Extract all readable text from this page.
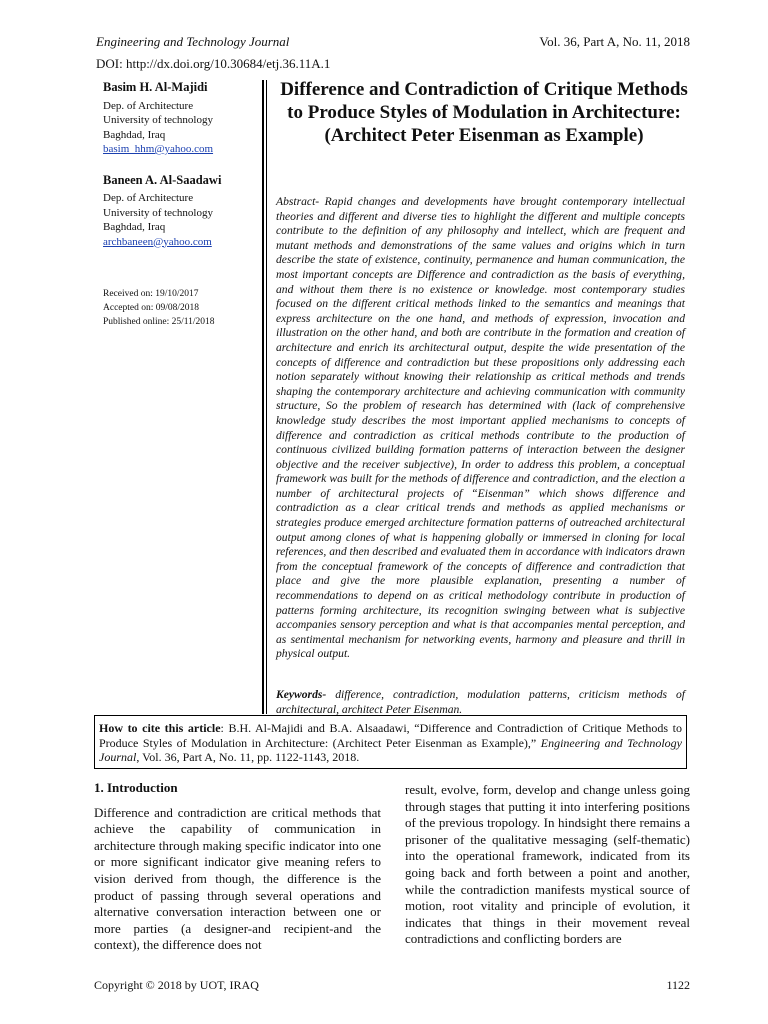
Engineering and Technology Journal	Vol. 36, Part A, No. 11, 2018
DOI: http://dx.doi.org/10.30684/etj.36.11A.1
Basim H. Al-Majidi
Dep. of Architecture
University of technology
Baghdad, Iraq
basim_hhm@yahoo.com
Baneen A. Al-Saadawi
Dep. of Architecture
University of technology
Baghdad, Iraq
archbaneen@yahoo.com
Received on: 19/10/2017
Accepted on: 09/08/2018
Published online: 25/11/2018
Difference and Contradiction of Critique Methods to Produce Styles of Modulation in Architecture: (Architect Peter Eisenman as Example)
Abstract- Rapid changes and developments have brought contemporary intellectual theories and different and diverse ties to highlight the different and multiple concepts contribute to the definition of any philosophy and intellect, which are frequent and mutant methods and demonstrations of the same values and origins which in turn describe the state of existence, continuity, permanence and human communication, the most important concepts are Difference and contradiction as the basis of everything, and without them there is no existence or knowledge. most contemporary studies focused on the different critical methods linked to the semantics and meanings that express architecture on the one hand, and methods of expression, invocation and illustration on the other hand, and both are contribute in the formation and creation of architecture and enrich its architectural output, despite the wide presentation of the concepts of difference and contradiction but these propositions only addressing each notion separately without knowing their relationship as critical methods and trends shaping the contemporary architecture and achieving communication with community structure, So the problem of research has determined with (lack of comprehensive knowledge study describes the most important applied mechanisms to concepts of difference and contradiction as critical methods contribute to the production of continuous civilized building formation patterns of interaction between the designer objective and the receiver subjective), In order to address this problem, a conceptual framework was built for the methods of difference and contradiction, and the election a number of architectural projects of “Eisenman” which shows difference and contradiction as a clear critical trends and methods as applied mechanisms or strategies produce emerged architecture formation patterns of outreached architectural output among clones of what is happening globally or immersed in cloning for local references, and then described and evaluated them in accordance with indicators drawn from the conceptual framework of the concepts of difference and contradiction that place and give the more plausible explanation, presenting a number of recommendations to depend on as critical methodology contribute in production of patterns forming architecture, its recognition swinging between what is subjective accompanies sensory perception and what is that accompanies mental perception, and as sentimental mechanism for networking events, harmony and pleasure and thrill in physical output.
Keywords- difference, contradiction, modulation patterns, criticism methods of architectural, architect Peter Eisenman.
How to cite this article: B.H. Al-Majidi and B.A. Alsaadawi, “Difference and Contradiction of Critique Methods to Produce Styles of Modulation in Architecture: (Architect Peter Eisenman as Example),” Engineering and Technology Journal, Vol. 36, Part A, No. 11, pp. 1122-1143, 2018.
1. Introduction
Difference and contradiction are critical methods that achieve the capability of communication in architecture through making specific indicator into one or more significant indicator give meaning refers to vision derived from though, the difference is the product of passing through several operations and alternative conversation interaction between one or more parties (a designer-and recipient-and the context), the difference does not
result, evolve, form, develop and change unless going through stages that putting it into interfering positions of the previous tropology. In hindsight there remains a prisoner of the qualitative messaging (self-thematic) into the operational framework, indicated from its going back and forth between a point and another, while the contradiction manifests mystical source of motion, root vitality and principle of evolution, it indicates that things in their movement reveal contradictions and conflicting borders are
Copyright © 2018 by UOT, IRAQ	1122
